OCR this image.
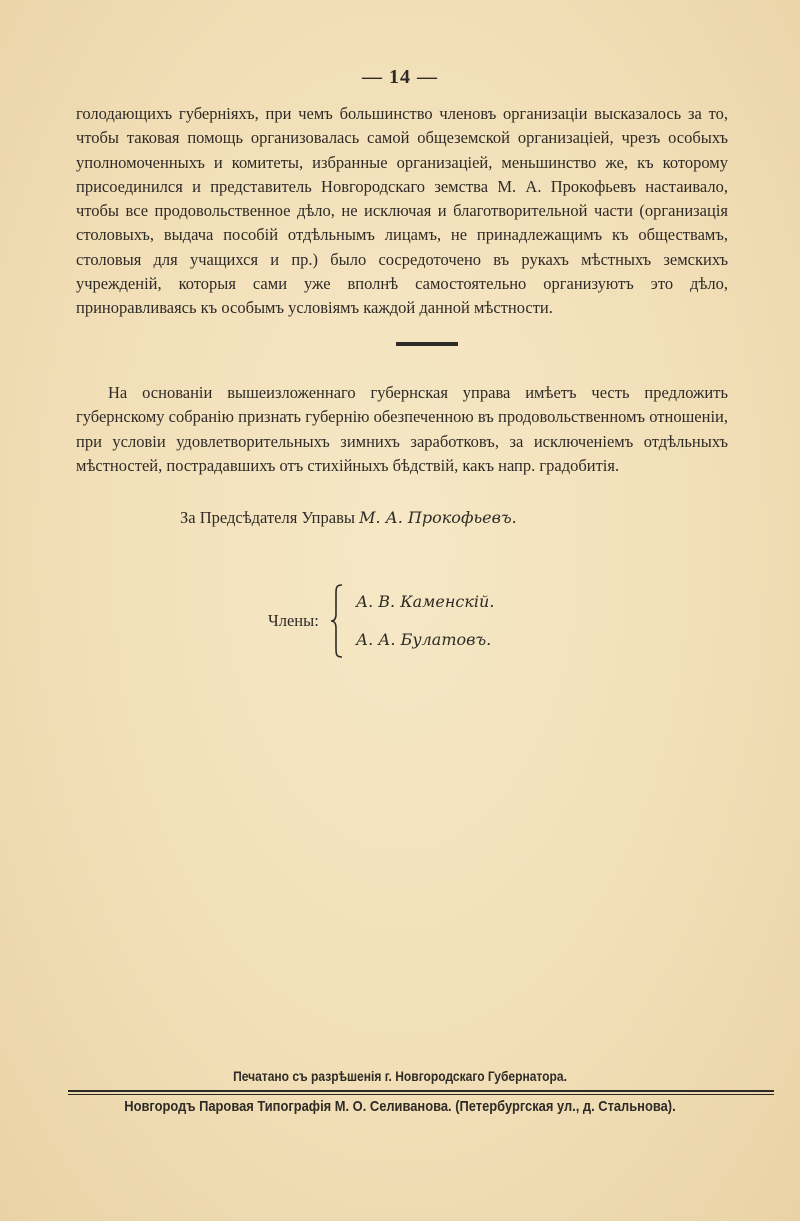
— 14 —

голодающихъ губерніяхъ, при чемъ большинство членовъ организаціи высказалось за то, чтобы таковая помощь организовалась самой общеземской организаціей, чрезъ особыхъ уполномоченныхъ и комитеты, избранные организаціей, меньшинство же, къ которому присоединился и представитель Новгородскаго земства М. А. Прокофьевъ настаивало, чтобы все продовольственное дѣло, не исключая и благотворительной части (организація столовыхъ, выдача пособій отдѣльнымъ лицамъ, не принадлежащимъ къ обществамъ, столовыя для учащихся и пр.) было сосредоточено въ рукахъ мѣстныхъ земскихъ учрежденій, которыя сами уже вполнѣ самостоятельно организуютъ это дѣло, приноравливаясь къ особымъ условіямъ каждой данной мѣстности.

На основаніи вышеизложеннаго губернская управа имѣетъ честь предложить губернскому собранію признать губернію обезпеченною въ продовольственномъ отношеніи, при условіи удовлетворительныхъ зимнихъ заработковъ, за исключеніемъ отдѣльныхъ мѣстностей, пострадавшихъ отъ стихійныхъ бѣдствій, какъ напр. градобитія.

За Предсѣдателя Управы М. А. Прокофьевъ.
Члены:
А. В. Каменскій.
А. А. Булатовъ.
Печатано съ разрѣшенія г. Новгородскаго Губернатора.
Новгородъ Паровая Типографія М. О. Селиванова. (Петербургская ул., д. Стальнова).
